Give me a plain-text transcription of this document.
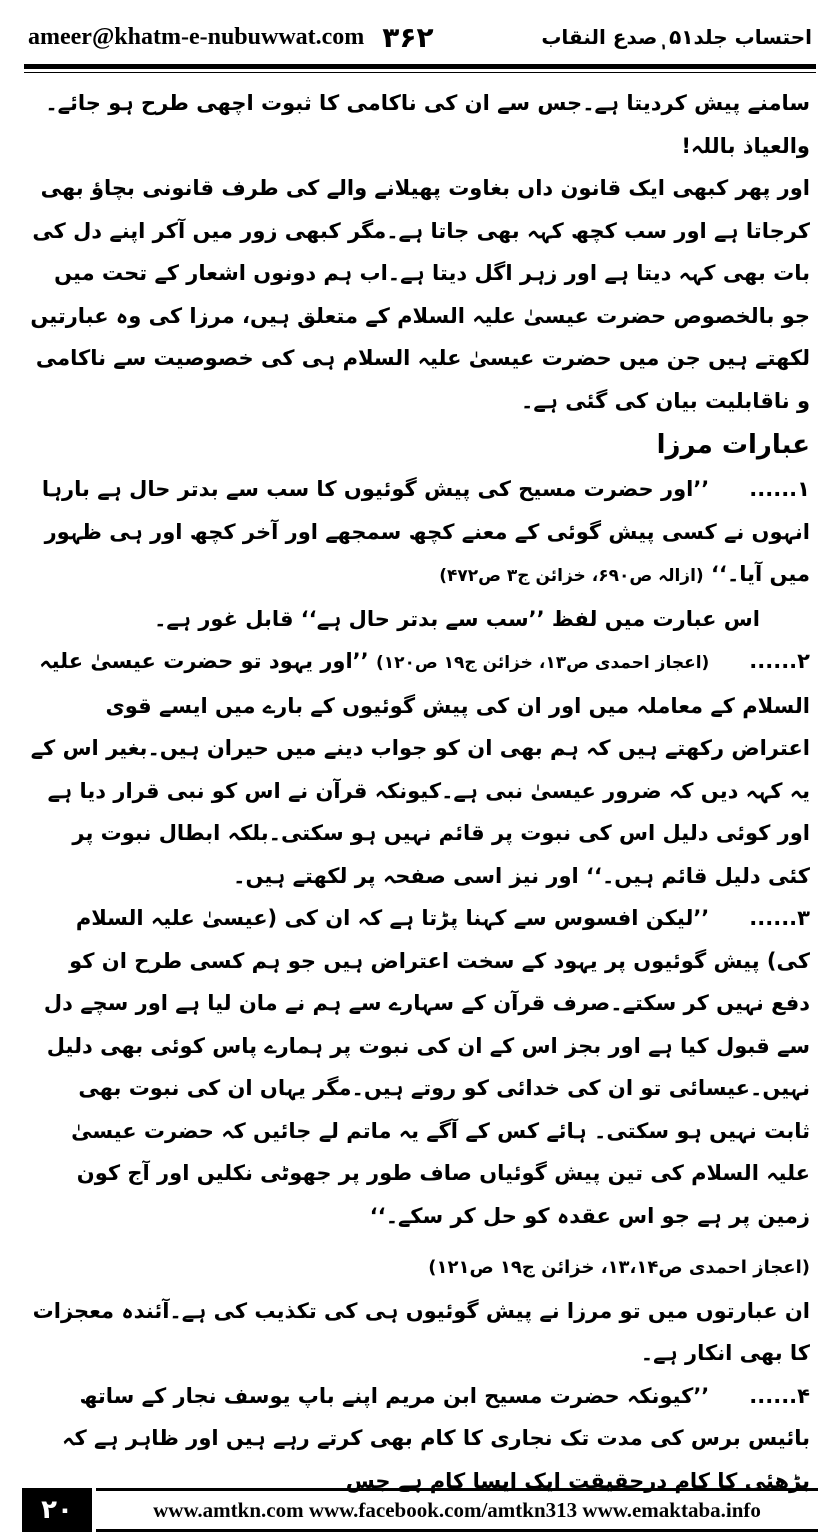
ameer@khatm-e-nubuwwat.com ۳۶۲	احتساب جلد۵۱ ٖصدع النقاب

سامنے پیش کردیتا ہے۔جس سے ان کی ناکامی کا ثبوت اچھی طرح ہو جائے۔ والعیاذ باللہ!

اور پھر کبھی ایک قانون داں بغاوت پھیلانے والے کی طرف قانونی بچاؤ بھی کرجاتا ہے اور سب کچھ کہہ بھی جاتا ہے۔مگر کبھی زور میں آکر اپنے دل کی بات بھی کہہ دیتا ہے اور زہر اگل دیتا ہے۔اب ہم دونوں اشعار کے تحت میں جو بالخصوص حضرت عیسیٰ علیہ السلام کے متعلق ہیں، مرزا کی وہ عبارتیں لکھتے ہیں جن میں حضرت عیسیٰ علیہ السلام ہی کی خصوصیت سے ناکامی و ناقابلیت بیان کی گئی ہے۔

عبارات مرزا

۱......’’اور حضرت مسیح کی پیش گوئیوں کا سب سے بدتر حال ہے بارہا انہوں نے کسی پیش گوئی کے معنے کچھ سمجھے اور آخر کچھ اور ہی ظہور میں آیا۔‘‘ (ازالہ ص۶۹۰، خزائن ج۳ ص۴۷۲)

اس عبارت میں لفظ ’’سب سے بدتر حال ہے‘‘ قابل غور ہے۔

۲......(اعجاز احمدی ص۱۳، خزائن ج۱۹ ص۱۲۰) ’’اور یہود تو حضرت عیسیٰ علیہ السلام کے معاملہ میں اور ان کی پیش گوئیوں کے بارے میں ایسے قوی اعتراض رکھتے ہیں کہ ہم بھی ان کو جواب دینے میں حیران ہیں۔بغیر اس کے یہ کہہ دیں کہ ضرور عیسیٰ نبی ہے۔کیونکہ قرآن نے اس کو نبی قرار دیا ہے اور کوئی دلیل اس کی نبوت پر قائم نہیں ہو سکتی۔بلکہ ابطال نبوت پر کئی دلیل قائم ہیں۔‘‘ اور نیز اسی صفحہ پر لکھتے ہیں۔

۳......’’لیکن افسوس سے کہنا پڑتا ہے کہ ان کی (عیسیٰ علیہ السلام کی) پیش گوئیوں پر یہود کے سخت اعتراض ہیں جو ہم کسی طرح ان کو دفع نہیں کر سکتے۔صرف قرآن کے سہارے سے ہم نے مان لیا ہے اور سچے دل سے قبول کیا ہے اور بجز اس کے ان کی نبوت پر ہمارے پاس کوئی بھی دلیل نہیں۔عیسائی تو ان کی خدائی کو روتے ہیں۔مگر یہاں ان کی نبوت بھی ثابت نہیں ہو سکتی۔ ہائے کس کے آگے یہ ماتم لے جائیں کہ حضرت عیسیٰ علیہ السلام کی تین پیش گوئیاں صاف طور پر جھوٹی نکلیں اور آج کون زمین پر ہے جو اس عقدہ کو حل کر سکے۔‘‘

(اعجاز احمدی ص۱۳،۱۴، خزائن ج۱۹ ص۱۲۱)

ان عبارتوں میں تو مرزا نے پیش گوئیوں ہی کی تکذیب کی ہے۔آئندہ معجزات کا بھی انکار ہے۔

۴......’’کیونکہ حضرت مسیح ابن مریم اپنے باپ یوسف نجار کے ساتھ بائیس برس کی مدت تک نجاری کا کام بھی کرتے رہے ہیں اور ظاہر ہے کہ بڑھئی کا کام درحقیقت ایک ایسا کام ہے جس

۲۰	www.amtkn.com www.facebook.com/amtkn313 www.emaktaba.info
